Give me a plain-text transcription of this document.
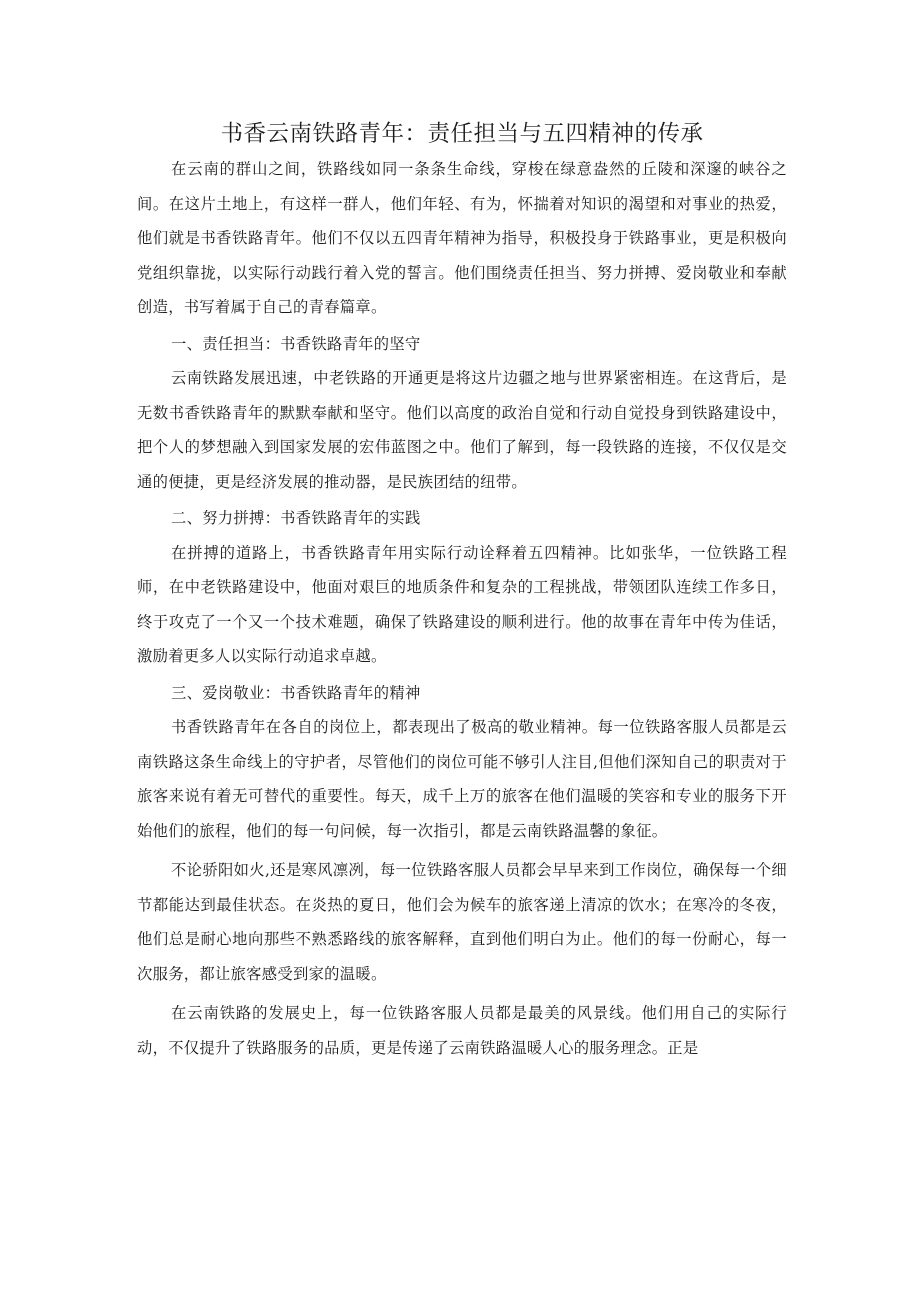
书香云南铁路青年：责任担当与五四精神的传承

在云南的群山之间，铁路线如同一条条生命线，穿梭在绿意盎然的丘陵和深邃的峡谷之间。在这片土地上，有这样一群人，他们年轻、有为，怀揣着对知识的渴望和对事业的热爱，他们就是书香铁路青年。他们不仅以五四青年精神为指导，积极投身于铁路事业，更是积极向党组织靠拢，以实际行动践行着入党的誓言。他们围绕责任担当、努力拼搏、爱岗敬业和奉献创造，书写着属于自己的青春篇章。

一、责任担当：书香铁路青年的坚守

云南铁路发展迅速，中老铁路的开通更是将这片边疆之地与世界紧密相连。在这背后，是无数书香铁路青年的默默奉献和坚守。他们以高度的政治自觉和行动自觉投身到铁路建设中，把个人的梦想融入到国家发展的宏伟蓝图之中。他们了解到，每一段铁路的连接，不仅仅是交通的便捷，更是经济发展的推动器，是民族团结的纽带。

二、努力拼搏：书香铁路青年的实践

在拼搏的道路上，书香铁路青年用实际行动诠释着五四精神。比如张华，一位铁路工程师，在中老铁路建设中，他面对艰巨的地质条件和复杂的工程挑战，带领团队连续工作多日，终于攻克了一个又一个技术难题，确保了铁路建设的顺利进行。他的故事在青年中传为佳话，激励着更多人以实际行动追求卓越。

三、爱岗敬业：书香铁路青年的精神

书香铁路青年在各自的岗位上，都表现出了极高的敬业精神。每一位铁路客服人员都是云南铁路这条生命线上的守护者，尽管他们的岗位可能不够引人注目,但他们深知自己的职责对于旅客来说有着无可替代的重要性。每天，成千上万的旅客在他们温暖的笑容和专业的服务下开始他们的旅程，他们的每一句问候，每一次指引，都是云南铁路温馨的象征。

不论骄阳如火,还是寒风凛冽，每一位铁路客服人员都会早早来到工作岗位，确保每一个细节都能达到最佳状态。在炎热的夏日，他们会为候车的旅客递上清凉的饮水；在寒冷的冬夜，他们总是耐心地向那些不熟悉路线的旅客解释，直到他们明白为止。他们的每一份耐心，每一次服务，都让旅客感受到家的温暖。

在云南铁路的发展史上，每一位铁路客服人员都是最美的风景线。他们用自己的实际行动，不仅提升了铁路服务的品质，更是传递了云南铁路温暖人心的服务理念。正是
